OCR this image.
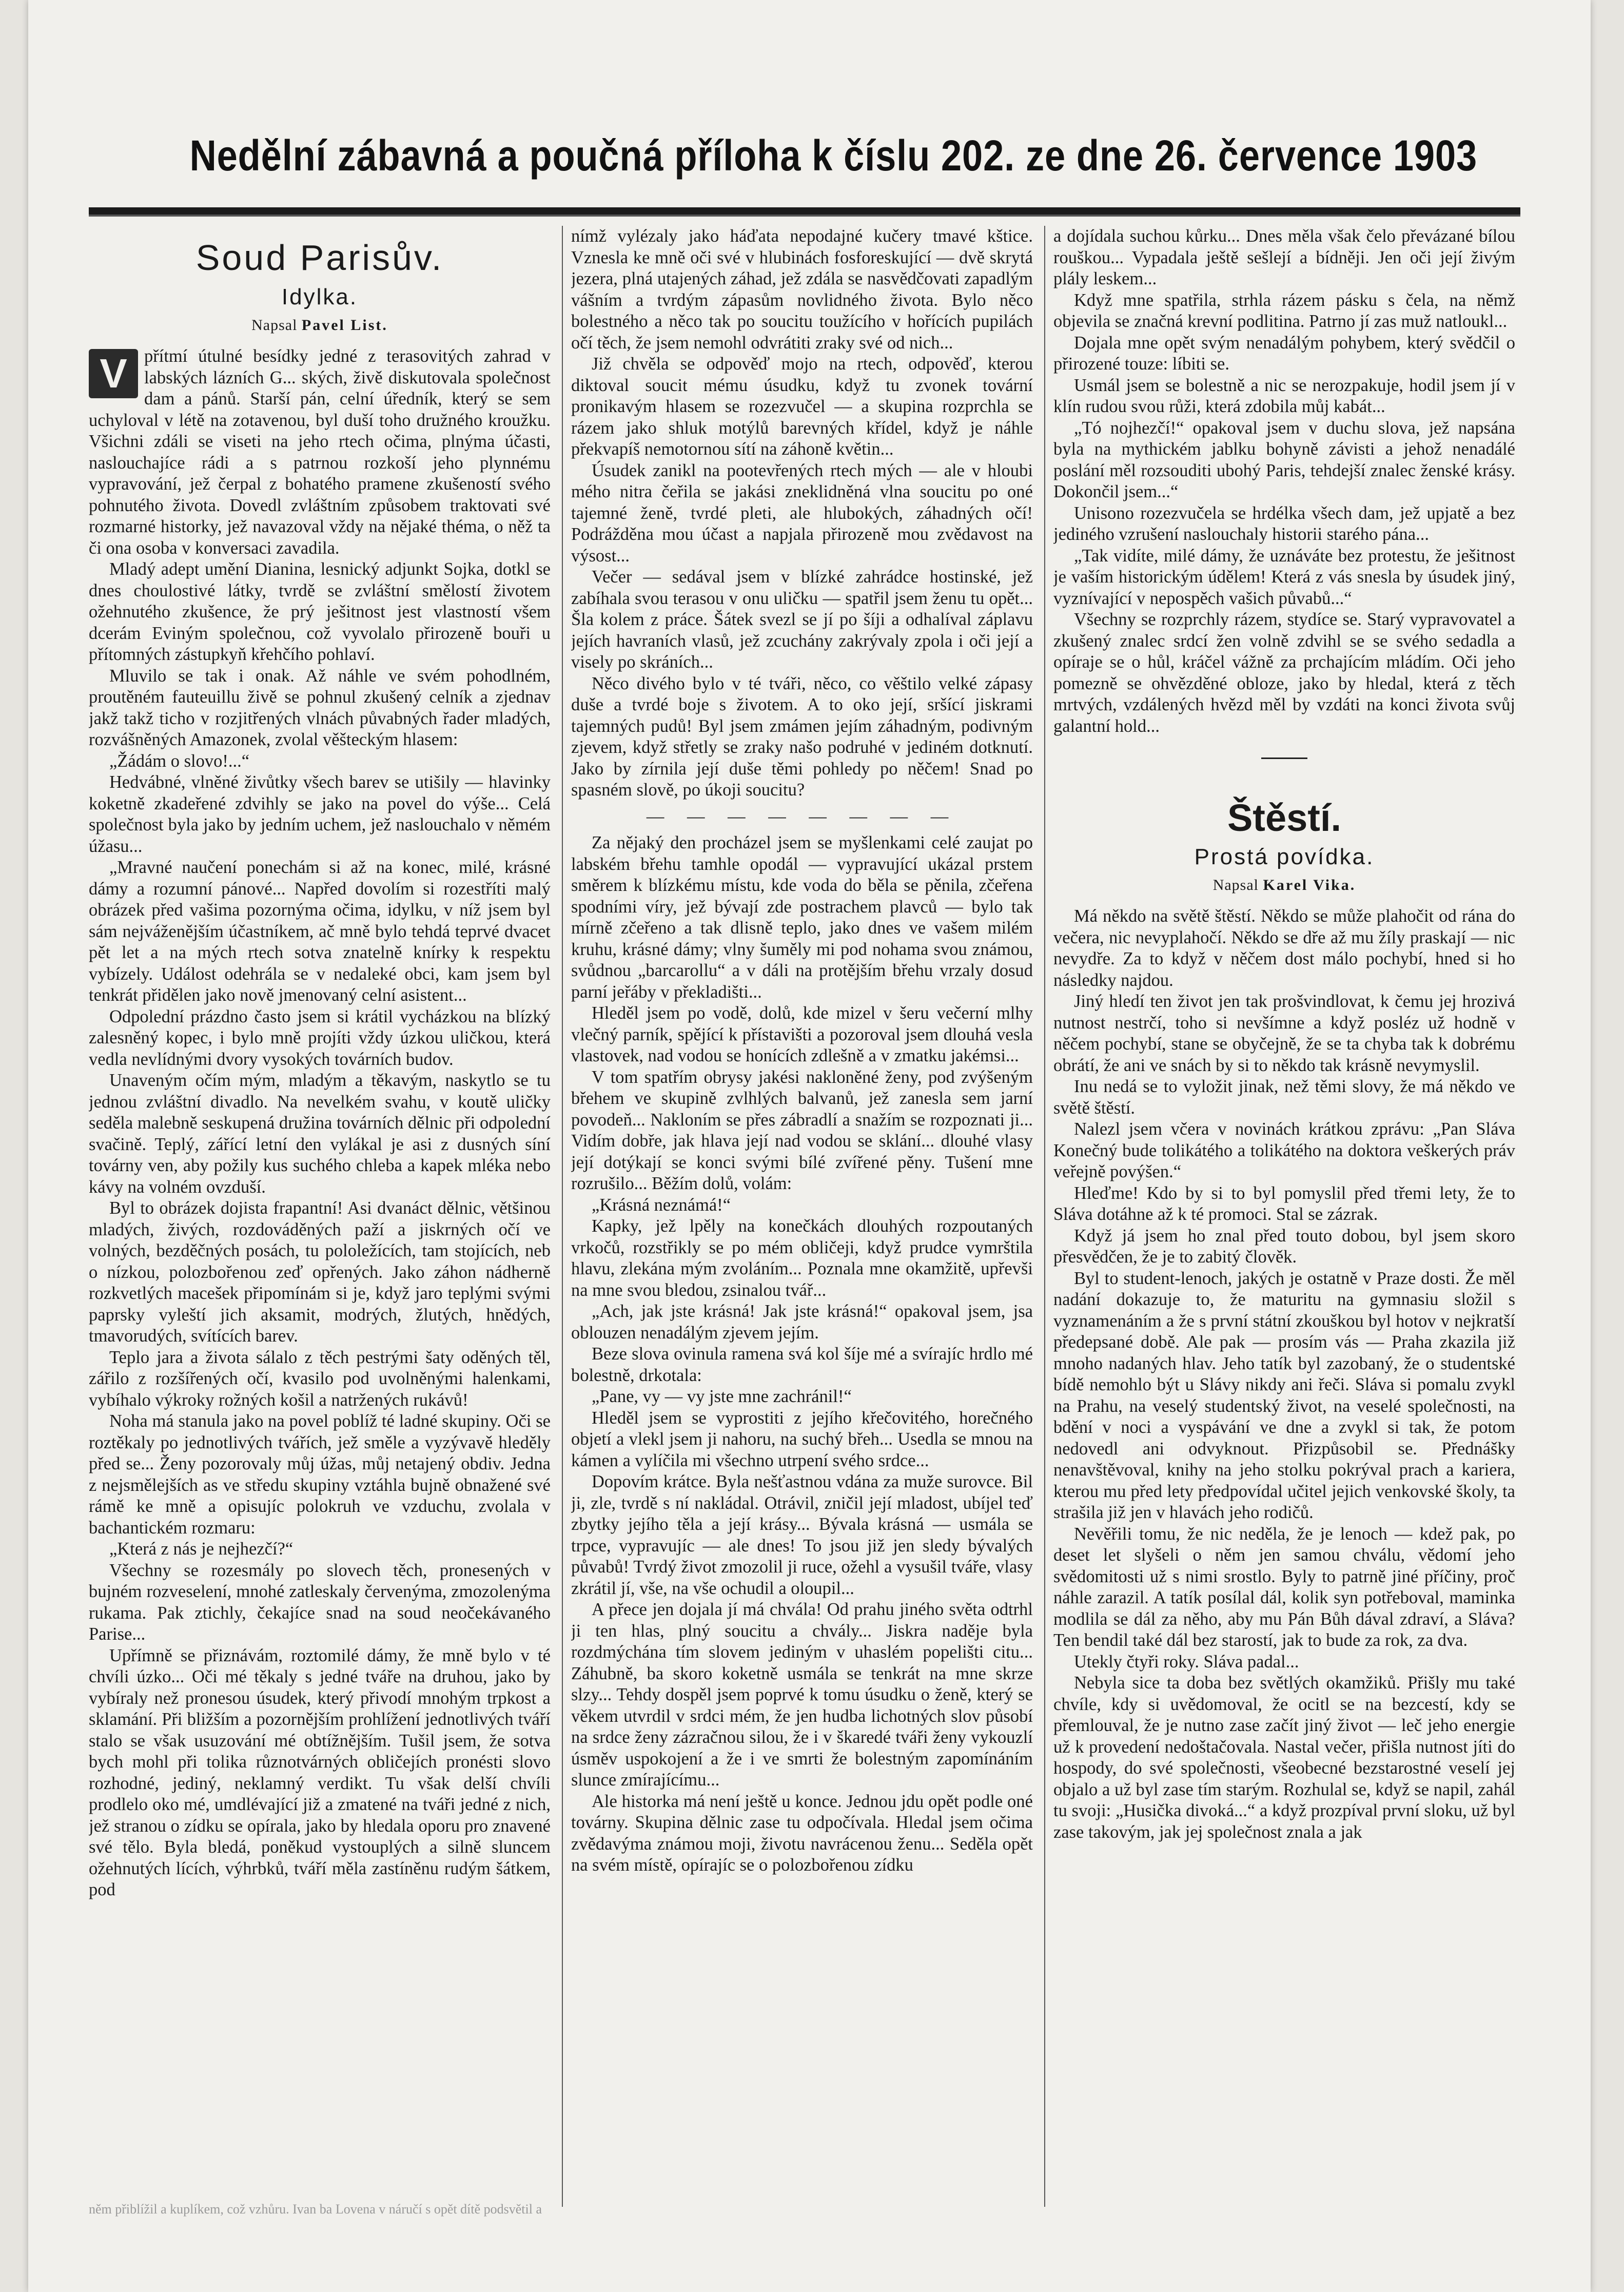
Nedělní zábavná a poučná příloha k číslu 202. ze dne 26. července 1903
Soud Parisův.
Idylka.
Napsal Pavel List.

V přítmí útulné besídky jedné z terasovitých zahrad v labských lázních G... ských, živě diskutovala společnost dam a pánů. Starší pán, celní úředník, který se sem uchyloval v létě na zotavenou, byl duší toho družného kroužku. Všichni zdáli se viseti na jeho rtech očima, plnýma účasti, naslouchajíce rádi a s patrnou rozkoší jeho plynnému vypravování, jež čerpal z bohatého pramene zkušeností svého pohnutého života. Dovedl zvláštním způsobem traktovati své rozmarné historky, jež navazoval vždy na nějaké théma, o něž ta či ona osoba v konversaci zavadila.

Mladý adept umění Dianina, lesnický adjunkt Sojka, dotkl se dnes choulostivé látky, tvrdě se zvláštní smělostí životem ožehnutého zkušence, že prý ješitnost jest vlastností všem dcerám Eviným společnou, což vyvolalo přirozeně bouři u přítomných zástupkyň křehčího pohlaví.

Mluvilo se tak i onak. Až náhle ve svém pohodlném, proutěném fauteuillu živě se pohnul zkušený celník a zjednav jakž takž ticho v rozjitřených vlnách půvabných řader mladých, rozvášněných Amazonek, zvolal věšteckým hlasem:

„Žádám o slovo!...“

Hedvábné, vlněné živůtky všech barev se utišily — hlavinky koketně zkadeřené zdvihly se jako na povel do výše... Celá společnost byla jako by jedním uchem, jež naslouchalo v němém úžasu...

„Mravné naučení ponechám si až na konec, milé, krásné dámy a rozumní pánové... Napřed dovolím si rozestříti malý obrázek před vašima pozornýma očima, idylku, v níž jsem byl sám nejváženějším účastníkem, ač mně bylo tehdá teprvé dvacet pět let a na mých rtech sotva znatelně knírky k respektu vybízely. Událost odehrála se v nedaleké obci, kam jsem byl tenkrát přidělen jako nově jmenovaný celní asistent...

Odpolední prázdno často jsem si krátil vycházkou na blízký zalesněný kopec, i bylo mně projíti vždy úzkou uličkou, která vedla nevlídnými dvory vysokých továrních budov.

Unaveným očím mým, mladým a těkavým, naskytlo se tu jednou zvláštní divadlo. Na nevelkém svahu, v koutě uličky seděla malebně seskupená družina továrních dělnic při odpolední svačině. Teplý, zářící letní den vylákal je asi z dusných síní továrny ven, aby požily kus suchého chleba a kapek mléka nebo kávy na volném ovzduší.

Byl to obrázek dojista frapantní! Asi dvanáct dělnic, většinou mladých, živých, rozdováděných paží a jiskrných očí ve volných, bezděčných posách, tu pololežících, tam stojících, neb o nízkou, polozbořenou zeď opřených. Jako záhon nádherně rozkvetlých macešek připomínám si je, když jaro teplými svými paprsky vyleští jich aksamit, modrých, žlutých, hnědých, tmavorudých, svítících barev.

Teplo jara a života sálalo z těch pestrými šaty oděných těl, zářilo z rozšířených očí, kvasilo pod uvolněnými halenkami, vybíhalo výkroky rožných košil a natržených rukávů!

Noha má stanula jako na povel poblíž té ladné skupiny. Oči se roztěkaly po jednotlivých tvářích, jež směle a vyzývavě hleděly před se... Ženy pozorovaly můj úžas, můj netajený obdiv. Jedna z nejsmělejších as ve středu skupiny vztáhla bujně obnažené své rámě ke mně a opisujíc polokruh ve vzduchu, zvolala v bachantickém rozmaru:

„Která z nás je nejhezčí?“

Všechny se rozesmály po slovech těch, pronesených v bujném rozveselení, mnohé zatleskaly červenýma, zmozolenýma rukama. Pak ztichly, čekajíce snad na soud neočekávaného Parise...

Upřímně se přiznávám, roztomilé dámy, že mně bylo v té chvíli úzko... Oči mé těkaly s jedné tváře na druhou, jako by vybíraly než pronesou úsudek, který přivodí mnohým trpkost a sklamání. Při bližším a pozornějším prohlížení jednotlivých tváří stalo se však usuzování mé obtížnějším. Tušil jsem, že sotva bych mohl při tolika různotvárných obličejích pronésti slovo rozhodné, jediný, neklamný verdikt. Tu však delší chvíli prodlelo oko mé, umdlévající již a zmatené na tváři jedné z nich, jež stranou o zídku se opírala, jako by hledala oporu pro znavené své tělo. Byla bledá, poněkud vystouplých a silně sluncem ožehnutých lících, výhrbků, tváří měla zastíněnu rudým šátkem, pod

nímž vylézaly jako háďata nepodajné kučery tmavé kštice. Vznesla ke mně oči své v hlubinách fosforeskující — dvě skrytá jezera, plná utajených záhad, jež zdála se nasvědčovati zapadlým vášním a tvrdým zápasům novlidného života. Bylo něco bolestného a něco tak po soucitu toužícího v hořících pupilách očí těch, že jsem nemohl odvrátiti zraky své od nich...

Již chvěla se odpověď mojo na rtech, odpověď, kterou diktoval soucit mému úsudku, když tu zvonek tovární pronikavým hlasem se rozezvučel — a skupina rozprchla se rázem jako shluk motýlů barevných křídel, když je náhle překvapíš nemotornou sítí na záhoně květin...

Úsudek zanikl na pootevřených rtech mých — ale v hloubi mého nitra čeřila se jakási zneklidněná vlna soucitu po oné tajemné ženě, tvrdé pleti, ale hlubokých, záhadných očí! Podrážděna mou účast a napjala přirozeně mou zvědavost na výsost...

Večer — sedával jsem v blízké zahrádce hostinské, jež zabíhala svou terasou v onu uličku — spatřil jsem ženu tu opět... Šla kolem z práce. Šátek svezl se jí po šíji a odhalíval záplavu jejích havraních vlasů, jež zcuchány zakrývaly zpola i oči její a visely po skráních...

Něco divého bylo v té tváři, něco, co věštilo velké zápasy duše a tvrdé boje s životem. A to oko její, sršící jiskrami tajemných pudů! Byl jsem zmámen jejím záhadným, podivným zjevem, když střetly se zraky našo podruhé v jediném dotknutí. Jako by zírnila její duše těmi pohledy po něčem! Snad po spasném slově, po úkoji soucitu?

— — — — — — — —

Za nějaký den procházel jsem se myšlenkami celé zaujat po labském břehu tamhle opodál — vypravující ukázal prstem směrem k blízkému místu, kde voda do běla se pěnila, zčeřena spodními víry, jež bývají zde postrachem plavců — bylo tak mírně zčeřeno a tak dlisně teplo, jako dnes ve vašem milém kruhu, krásné dámy; vlny šuměly mi pod nohama svou známou, svůdnou „barcarollu“ a v dáli na protějším břehu vrzaly dosud parní jeřáby v překladišti...

Hleděl jsem po vodě, dolů, kde mizel v šeru večerní mlhy vlečný parník, spějící k přístavišti a pozoroval jsem dlouhá vesla vlastovek, nad vodou se honících zdlešně a v zmatku jakémsi...

V tom spatřím obrysy jakési nakloněné ženy, pod zvýšeným břehem ve skupině zvlhlých balvanů, jež zanesla sem jarní povodeň... Nakloním se přes zábradlí a snažím se rozpoznati ji... Vidím dobře, jak hlava její nad vodou se sklání... dlouhé vlasy její dotýkají se konci svými bílé zvířené pěny. Tušení mne rozrušilo... Běžím dolů, volám:

„Krásná neznámá!“

Kapky, jež lpěly na konečkách dlouhých rozpoutaných vrkočů, rozstřikly se po mém obličeji, když prudce vymrštila hlavu, zlekána mým zvoláním... Poznala mne okamžitě, upřevši na mne svou bledou, zsinalou tvář...

„Ach, jak jste krásná! Jak jste krásná!“ opakoval jsem, jsa oblouzen nenadálým zjevem jejím.

Beze slova ovinula ramena svá kol šíje mé a svírajíc hrdlo mé bolestně, drkotala:

„Pane, vy — vy jste mne zachránil!“

Hleděl jsem se vyprostiti z jejího křečovitého, horečného objetí a vlekl jsem ji nahoru, na suchý břeh... Usedla se mnou na kámen a vylíčila mi všechno utrpení svého srdce...

Dopovím krátce. Byla nešťastnou vdána za muže surovce. Bil ji, zle, tvrdě s ní nakládal. Otrávil, zničil její mladost, ubíjel teď zbytky jejího těla a její krásy... Bývala krásná — usmála se trpce, vypravujíc — ale dnes! To jsou již jen sledy bývalých půvabů! Tvrdý život zmozolil ji ruce, ožehl a vysušil tváře, vlasy zkrátil jí, vše, na vše ochudil a oloupil...

A přece jen dojala jí má chvála! Od prahu jiného světa odtrhl ji ten hlas, plný soucitu a chvály... Jiskra naděje byla rozdmýchána tím slovem jediným v uhaslém popelišti citu... Záhubně, ba skoro koketně usmála se tenkrát na mne skrze slzy... Tehdy dospěl jsem poprvé k tomu úsudku o ženě, který se věkem utvrdil v srdci mém, že jen hudba lichotných slov působí na srdce ženy zázračnou silou, že i v škaredé tváři ženy vykouzlí úsměv uspokojení a že i ve smrti že bolestným zapomínáním slunce zmírajícímu...

Ale historka má není ještě u konce. Jednou jdu opět podle oné továrny. Skupina dělnic zase tu odpočívala. Hledal jsem očima zvědavýma známou moji, životu navrácenou ženu... Seděla opět na svém místě, opírajíc se o polozbořenou zídku

a dojídala suchou kůrku... Dnes měla však čelo převázané bílou rouškou... Vypadala ještě sešlejí a bídněji. Jen oči její živým plály leskem...

Když mne spatřila, strhla rázem pásku s čela, na němž objevila se značná krevní podlitina. Patrno jí zas muž natloukl...

Dojala mne opět svým nenadálým pohybem, který svědčil o přirozené touze: líbiti se.

Usmál jsem se bolestně a nic se nerozpakuje, hodil jsem jí v klín rudou svou růži, která zdobila můj kabát...

„Tó nojhezčí!“ opakoval jsem v duchu slova, jež napsána byla na mythickém jablku bohyně závisti a jehož nenadálé poslání měl rozsouditi ubohý Paris, tehdejší znalec ženské krásy. Dokončil jsem...“

Unisono rozezvučela se hrdélka všech dam, jež upjatě a bez jediného vzrušení naslouchaly historii starého pána...

„Tak vidíte, milé dámy, že uznáváte bez protestu, že ješitnost je vaším historickým údělem! Která z vás snesla by úsudek jiný, vyznívající v nepospěch vašich půvabů...“

Všechny se rozprchly rázem, stydíce se. Starý vypravovatel a zkušený znalec srdcí žen volně zdvihl se se svého sedadla a opíraje se o hůl, kráčel vážně za prchajícím mládím. Oči jeho pomezně se ohvězděné obloze, jako by hledal, která z těch mrtvých, vzdálených hvězd měl by vzdáti na konci života svůj galantní hold...

Štěstí.
Prostá povídka.
Napsal Karel Vika.

Má někdo na světě štěstí. Někdo se může plahočit od rána do večera, nic nevyplahočí. Někdo se dře až mu žíly praskají — nic nevydře. Za to když v něčem dost málo pochybí, hned si ho následky najdou.

Jiný hledí ten život jen tak prošvindlovat, k čemu jej hrozivá nutnost nestrčí, toho si nevšímne a když posléz už hodně v něčem pochybí, stane se obyčejně, že se ta chyba tak k dobrému obrátí, že ani ve snách by si to někdo tak krásně nevymyslil.

Inu nedá se to vyložit jinak, než těmi slovy, že má někdo ve světě štěstí.

Nalezl jsem včera v novinách krátkou zprávu: „Pan Sláva Konečný bude tolikátého a tolikátého na doktora veškerých práv veřejně povýšen.“

Hleďme! Kdo by si to byl pomyslil před třemi lety, že to Sláva dotáhne až k té promoci. Stal se zázrak.

Když já jsem ho znal před touto dobou, byl jsem skoro přesvědčen, že je to zabitý člověk.

Byl to student-lenoch, jakých je ostatně v Praze dosti. Že měl nadání dokazuje to, že maturitu na gymnasiu složil s vyznamenáním a že s první státní zkouškou byl hotov v nejkratší předepsané době. Ale pak — prosím vás — Praha zkazila již mnoho nadaných hlav. Jeho tatík byl zazobaný, že o studentské bídě nemohlo být u Slávy nikdy ani řeči. Sláva si pomalu zvykl na Prahu, na veselý studentský život, na veselé společnosti, na bdění v noci a vyspávání ve dne a zvykl si tak, že potom nedovedl ani odvyknout. Přizpůsobil se. Přednášky nenavštěvoval, knihy na jeho stolku pokrýval prach a kariera, kterou mu před lety předpovídal učitel jejich venkovské školy, ta strašila již jen v hlavách jeho rodičů.

Nevěřili tomu, že nic neděla, že je lenoch — kdež pak, po deset let slyšeli o něm jen samou chválu, vědomí jeho svědomitosti už s nimi srostlo. Byly to patrně jiné příčiny, proč náhle zarazil. A tatík posílal dál, kolik syn potřeboval, maminka modlila se dál za něho, aby mu Pán Bůh dával zdraví, a Sláva? Ten bendil také dál bez starostí, jak to bude za rok, za dva.

Utekly čtyři roky. Sláva padal...

Nebyla sice ta doba bez světlých okamžiků. Přišly mu také chvíle, kdy si uvědomoval, že ocitl se na bezcestí, kdy se přemlouval, že je nutno zase začít jiný život — leč jeho energie už k provedení nedoštačovala. Nastal večer, přišla nutnost jíti do hospody, do své společnosti, všeobecné bezstarostné veselí jej objalo a už byl zase tím starým. Rozhulal se, když se napil, zahál tu svoji: „Husička divoká...“ a když prozpíval první sloku, už byl zase takovým, jak jej společnost znala a jak

něm přiblížil a kuplíkem, což vzhůru. Ivan ba Lovena v náručí s opět dítě podsvětil a
